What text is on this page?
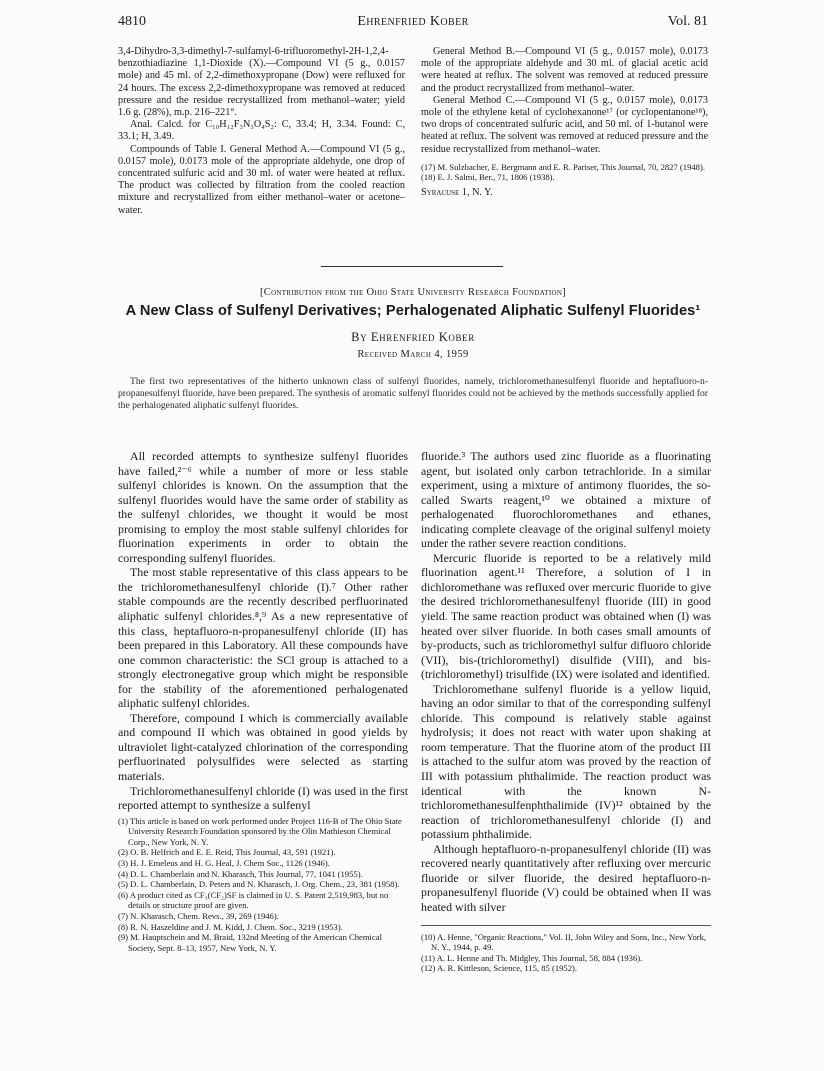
4810	Ehrenfried Kober	Vol. 81

3,4-Dihydro-3,3-dimethyl-7-sulfamyl-6-trifluoromethyl-2H-1,2,4-benzothiadiazine 1,1-Dioxide (X).—Compound VI (5 g., 0.0157 mole) and 45 ml. of 2,2-dimethoxypropane (Dow) were refluxed for 24 hours. The excess 2,2-dimethoxypropane was removed at reduced pressure and the residue recrystallized from methanol–water; yield 1.6 g. (28%), m.p. 216–221°.

Anal. Calcd. for C₁₀H₁₂F₃N₃O₄S₂: C, 33.4; H, 3.34. Found: C, 33.1; H, 3.49.

Compounds of Table I. General Method A.—Compound VI (5 g., 0.0157 mole), 0.0173 mole of the appropriate aldehyde, one drop of concentrated sulfuric acid and 30 ml. of water were heated at reflux. The product was collected by filtration from the cooled reaction mixture and recrystallized from either methanol–water or acetone–water.

General Method B.—Compound VI (5 g., 0.0157 mole), 0.0173 mole of the appropriate aldehyde and 30 ml. of glacial acetic acid were heated at reflux. The solvent was removed at reduced pressure and the product recrystallized from methanol–water.

General Method C.—Compound VI (5 g., 0.0157 mole), 0.0173 mole of the ethylene ketal of cyclohexanone¹⁷ (or cyclopentanone¹⁸), two drops of concentrated sulfuric acid, and 50 ml. of 1-butanol were heated at reflux. The solvent was removed at reduced pressure and the residue recrystallized from methanol–water.

(17) M. Sulzbacher, E. Bergmann and E. R. Pariser, This Journal, 70, 2827 (1948).
(18) E. J. Salmi, Ber., 71, 1806 (1938).

Syracuse 1, N. Y.

[Contribution from the Ohio State University Research Foundation]
A New Class of Sulfenyl Derivatives; Perhalogenated Aliphatic Sulfenyl Fluorides¹
By Ehrenfried Kober
Received March 4, 1959
The first two representatives of the hitherto unknown class of sulfenyl fluorides, namely, trichloromethanesulfenyl fluoride and heptafluoro-n-propanesulfenyl fluoride, have been prepared. The synthesis of aromatic sulfenyl fluorides could not be achieved by the methods successfully applied for the perhalogenated aliphatic sulfenyl fluorides.

All recorded attempts to synthesize sulfenyl fluorides have failed,²⁻⁶ while a number of more or less stable sulfenyl chlorides is known. On the assumption that the sulfenyl fluorides would have the same order of stability as the sulfenyl chlorides, we thought it would be most promising to employ the most stable sulfenyl chlorides for fluorination experiments in order to obtain the corresponding sulfenyl fluorides.

The most stable representative of this class appears to be the trichloromethanesulfenyl chloride (I).⁷ Other rather stable compounds are the recently described perfluorinated aliphatic sulfenyl chlorides.⁸,⁹ As a new representative of this class, heptafluoro-n-propanesulfenyl chloride (II) has been prepared in this Laboratory. All these compounds have one common characteristic: the SCl group is attached to a strongly electronegative group which might be responsible for the stability of the aforementioned perhalogenated aliphatic sulfenyl chlorides.

Therefore, compound I which is commercially available and compound II which was obtained in good yields by ultraviolet light-catalyzed chlorination of the corresponding perfluorinated polysulfides were selected as starting materials.

Trichloromethanesulfenyl chloride (I) was used in the first reported attempt to synthesize a sulfenyl

(1) This article is based on work performed under Project 116-B of The Ohio State University Research Foundation sponsored by the Olin Mathieson Chemical Corp., New York, N. Y.
(2) O. B. Helfrich and E. E. Reid, This Journal, 43, 591 (1921).
(3) H. J. Emeleus and H. G. Heal, J. Chem Soc., 1126 (1946).
(4) D. L. Chamberlain and N. Kharasch, This Journal, 77, 1041 (1955).
(5) D. L. Chamberlain, D. Peters and N. Kharasch, J. Org. Chem., 23, 381 (1958).
(6) A product cited as CF₃(CF₂)SF is claimed in U. S. Patent 2,519,983, but no details or structure proof are given.
(7) N. Kharasch, Chem. Revs., 39, 269 (1946).
(8) R. N. Haszeldine and J. M. Kidd, J. Chem. Soc., 3219 (1953).
(9) M. Hauptschein and M. Braid, 132nd Meeting of the American Chemical Society, Sept. 8–13, 1957, New York, N. Y.

fluoride.³ The authors used zinc fluoride as a fluorinating agent, but isolated only carbon tetrachloride. In a similar experiment, using a mixture of antimony fluorides, the so-called Swarts reagent,¹⁰ we obtained a mixture of perhalogenated fluorochloromethanes and ethanes, indicating complete cleavage of the original sulfenyl moiety under the rather severe reaction conditions.

Mercuric fluoride is reported to be a relatively mild fluorination agent.¹¹ Therefore, a solution of I in dichloromethane was refluxed over mercuric fluoride to give the desired trichloromethanesulfenyl fluoride (III) in good yield. The same reaction product was obtained when (I) was heated over silver fluoride. In both cases small amounts of by-products, such as trichloromethyl sulfur difluoro chloride (VII), bis-(trichloromethyl) disulfide (VIII), and bis-(trichloromethyl) trisulfide (IX) were isolated and identified.

Trichloromethane sulfenyl fluoride is a yellow liquid, having an odor similar to that of the corresponding sulfenyl chloride. This compound is relatively stable against hydrolysis; it does not react with water upon shaking at room temperature. That the fluorine atom of the product III is attached to the sulfur atom was proved by the reaction of III with potassium phthalimide. The reaction product was identical with the known N-trichloromethanesulfenphthalimide (IV)¹² obtained by the reaction of trichloromethanesulfenyl chloride (I) and potassium phthalimide.

Although heptafluoro-n-propanesulfenyl chloride (II) was recovered nearly quantitatively after refluxing over mercuric fluoride or silver fluoride, the desired heptafluoro-n-propanesulfenyl fluoride (V) could be obtained when II was heated with silver

(10) A. Henne, "Organic Reactions," Vol. II, John Wiley and Sons, Inc., New York, N. Y., 1944, p. 49.
(11) A. L. Henne and Th. Midgley, This Journal, 58, 884 (1936).
(12) A. R. Kittleson, Science, 115, 85 (1952).
